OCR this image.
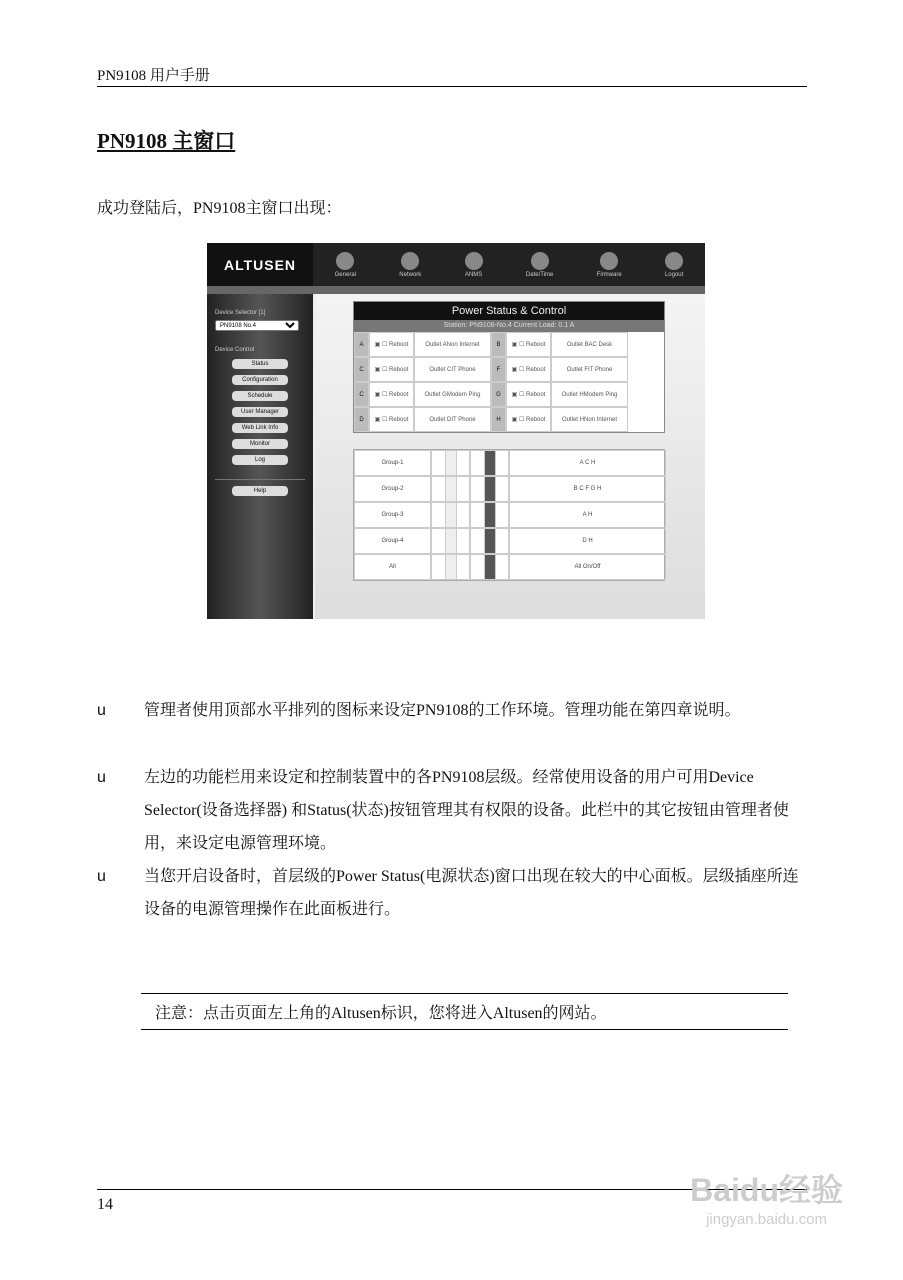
PN9108 用户手册
PN9108 主窗口
成功登陆后，PN9108主窗口出现：
ALTUSEN
General	Network	ANMS	Date/Time	Firmware	Logout
Device Selector [1]
PN9108 No.4
Device Control
Status
Configuration
Schedule
User Manager
Web Link Info
Monitor
Log
Help
Power Status & Control
Station: PN9108-No.4 Current Load: 0.1 A
A	▣ ☐ Reboot	Outlet A Non Internet	B	▣ ☐ Reboot	Outlet B AC Desk
C	▣ ☐ Reboot	Outlet C IT Phone	F	▣ ☐ Reboot	Outlet F IT Phone
C	▣ ☐ Reboot	Outlet G Modem Ping	G	▣ ☐ Reboot	Outlet H Modem Ping
D	▣ ☐ Reboot	Outlet D IT Phone	H	▣ ☐ Reboot	Outlet H Non Internet
Group-1	A C H
Group-2	B C F G H
Group-3	A H
Group-4	D H
All	All On/Off
u 管理者使用顶部水平排列的图标来设定PN9108的工作环境。管理功能在第四章说明。
u 左边的功能栏用来设定和控制装置中的各PN9108层级。经常使用设备的用户可用Device Selector(设备选择器) 和Status(状态)按钮管理其有权限的设备。此栏中的其它按钮由管理者使用，来设定电源管理环境。
u 当您开启设备时，首层级的Power Status(电源状态)窗口出现在较大的中心面板。层级插座所连设备的电源管理操作在此面板进行。
注意：点击页面左上角的Altusen标识，您将进入Altusen的网站。
14	Baidu经验
jingyan.baidu.com
